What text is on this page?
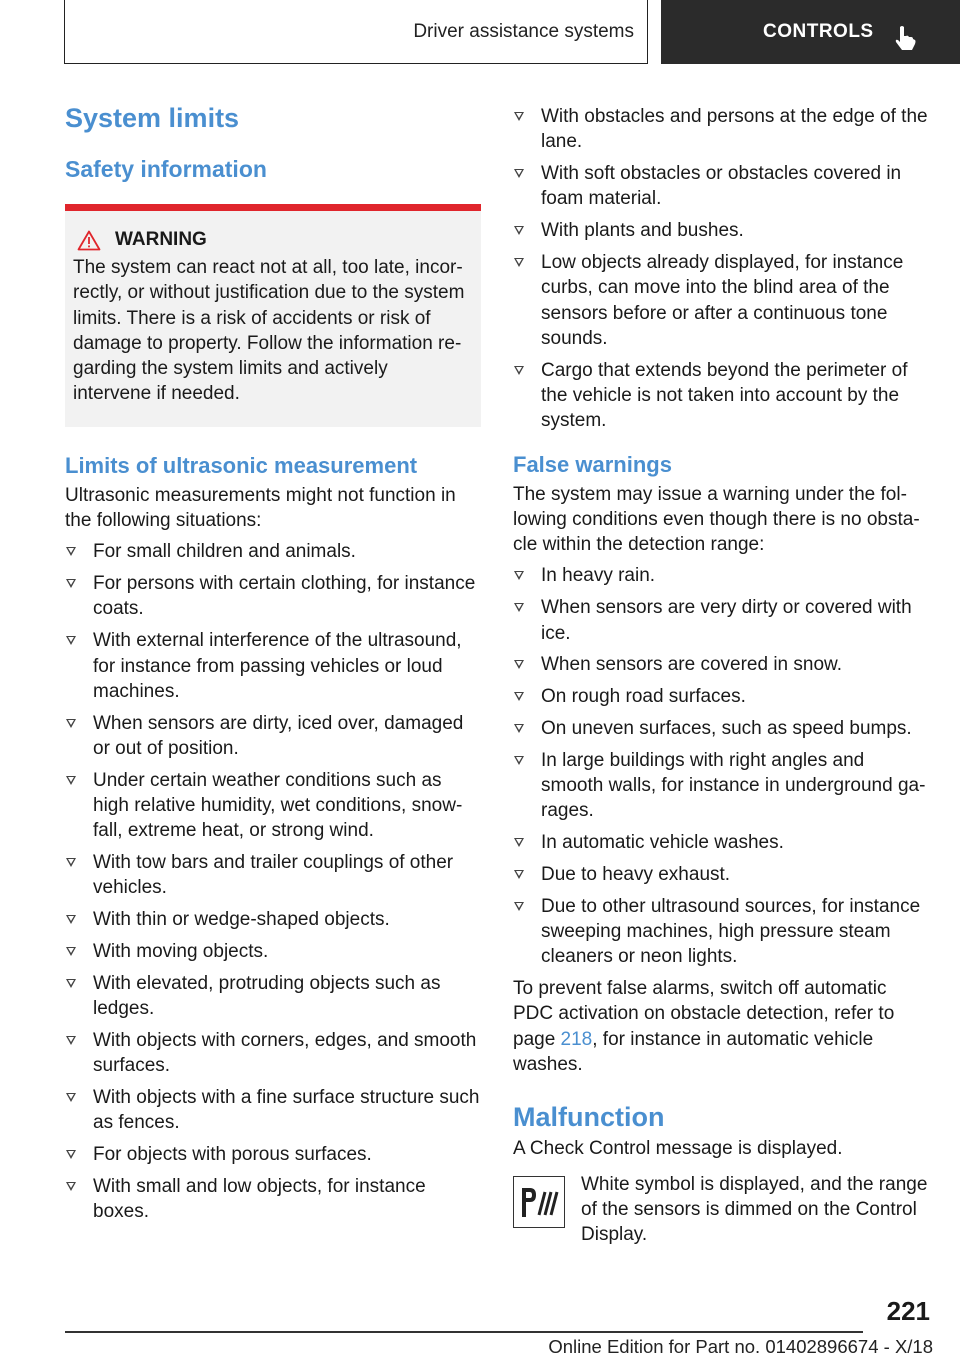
Driver assistance systems	CONTROLS
System limits
Safety information
WARNING

The system can react not at all, too late, incor-rectly, or without justification due to the system limits. There is a risk of accidents or risk of damage to property. Follow the information re-garding the system limits and actively intervene if needed.

Limits of ultrasonic measurement

Ultrasonic measurements might not function in the following situations:

For small children and animals.
For persons with certain clothing, for instance coats.
With external interference of the ultrasound, for instance from passing vehicles or loud machines.
When sensors are dirty, iced over, damaged or out of position.
Under certain weather conditions such as high relative humidity, wet conditions, snow-fall, extreme heat, or strong wind.
With tow bars and trailer couplings of other vehicles.
With thin or wedge-shaped objects.
With moving objects.
With elevated, protruding objects such as ledges.
With objects with corners, edges, and smooth surfaces.
With objects with a fine surface structure such as fences.
For objects with porous surfaces.
With small and low objects, for instance boxes.
With obstacles and persons at the edge of the lane.
With soft obstacles or obstacles covered in foam material.
With plants and bushes.
Low objects already displayed, for instance curbs, can move into the blind area of the sensors before or after a continuous tone sounds.
Cargo that extends beyond the perimeter of the vehicle is not taken into account by the system.
False warnings

The system may issue a warning under the fol-lowing conditions even though there is no obsta-cle within the detection range:

In heavy rain.
When sensors are very dirty or covered with ice.
When sensors are covered in snow.
On rough road surfaces.
On uneven surfaces, such as speed bumps.
In large buildings with right angles and smooth walls, for instance in underground ga-rages.
In automatic vehicle washes.
Due to heavy exhaust.
Due to other ultrasound sources, for instance sweeping machines, high pressure steam cleaners or neon lights.

To prevent false alarms, switch off automatic PDC activation on obstacle detection, refer to page 218, for instance in automatic vehicle washes.

Malfunction

A Check Control message is displayed.

White symbol is displayed, and the range of the sensors is dimmed on the Control Display.

221
Online Edition for Part no. 01402896674 - X/18
